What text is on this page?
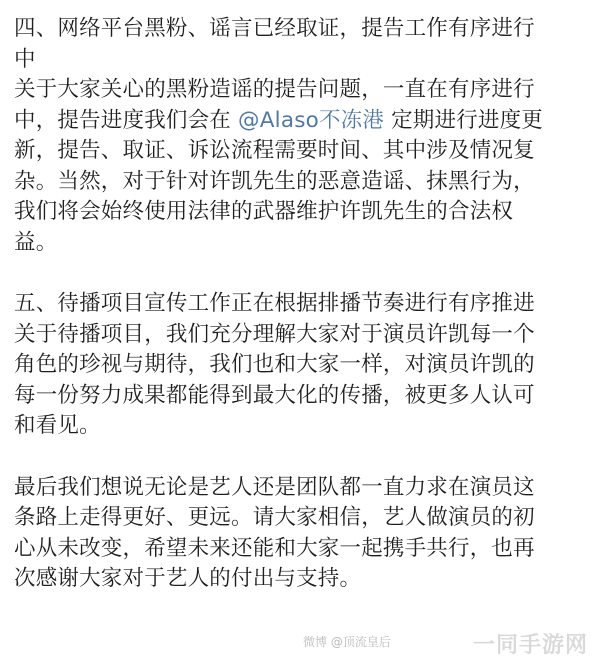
四、网络平台黑粉、谣言已经取证，提告工作有序进行

中

关于大家关心的黑粉造谣的提告问题，一直在有序进行

中，提告进度我们会在 @Alaso不冻港 定期进行进度更

新，提告、取证、诉讼流程需要时间、其中涉及情况复

杂。当然，对于针对许凯先生的恶意造谣、抹黑行为，

我们将会始终使用法律的武器维护许凯先生的合法权

益。

五、待播项目宣传工作正在根据排播节奏进行有序推进

关于待播项目，我们充分理解大家对于演员许凯每一个

角色的珍视与期待，我们也和大家一样，对演员许凯的

每一份努力成果都能得到最大化的传播，被更多人认可

和看见。

最后我们想说无论是艺人还是团队都一直力求在演员这

条路上走得更好、更远。请大家相信，艺人做演员的初

心从未改变，希望未来还能和大家一起携手共行，也再

次感谢大家对于艺人的付出与支持。

微博 @顶流皇后	一同手游网
